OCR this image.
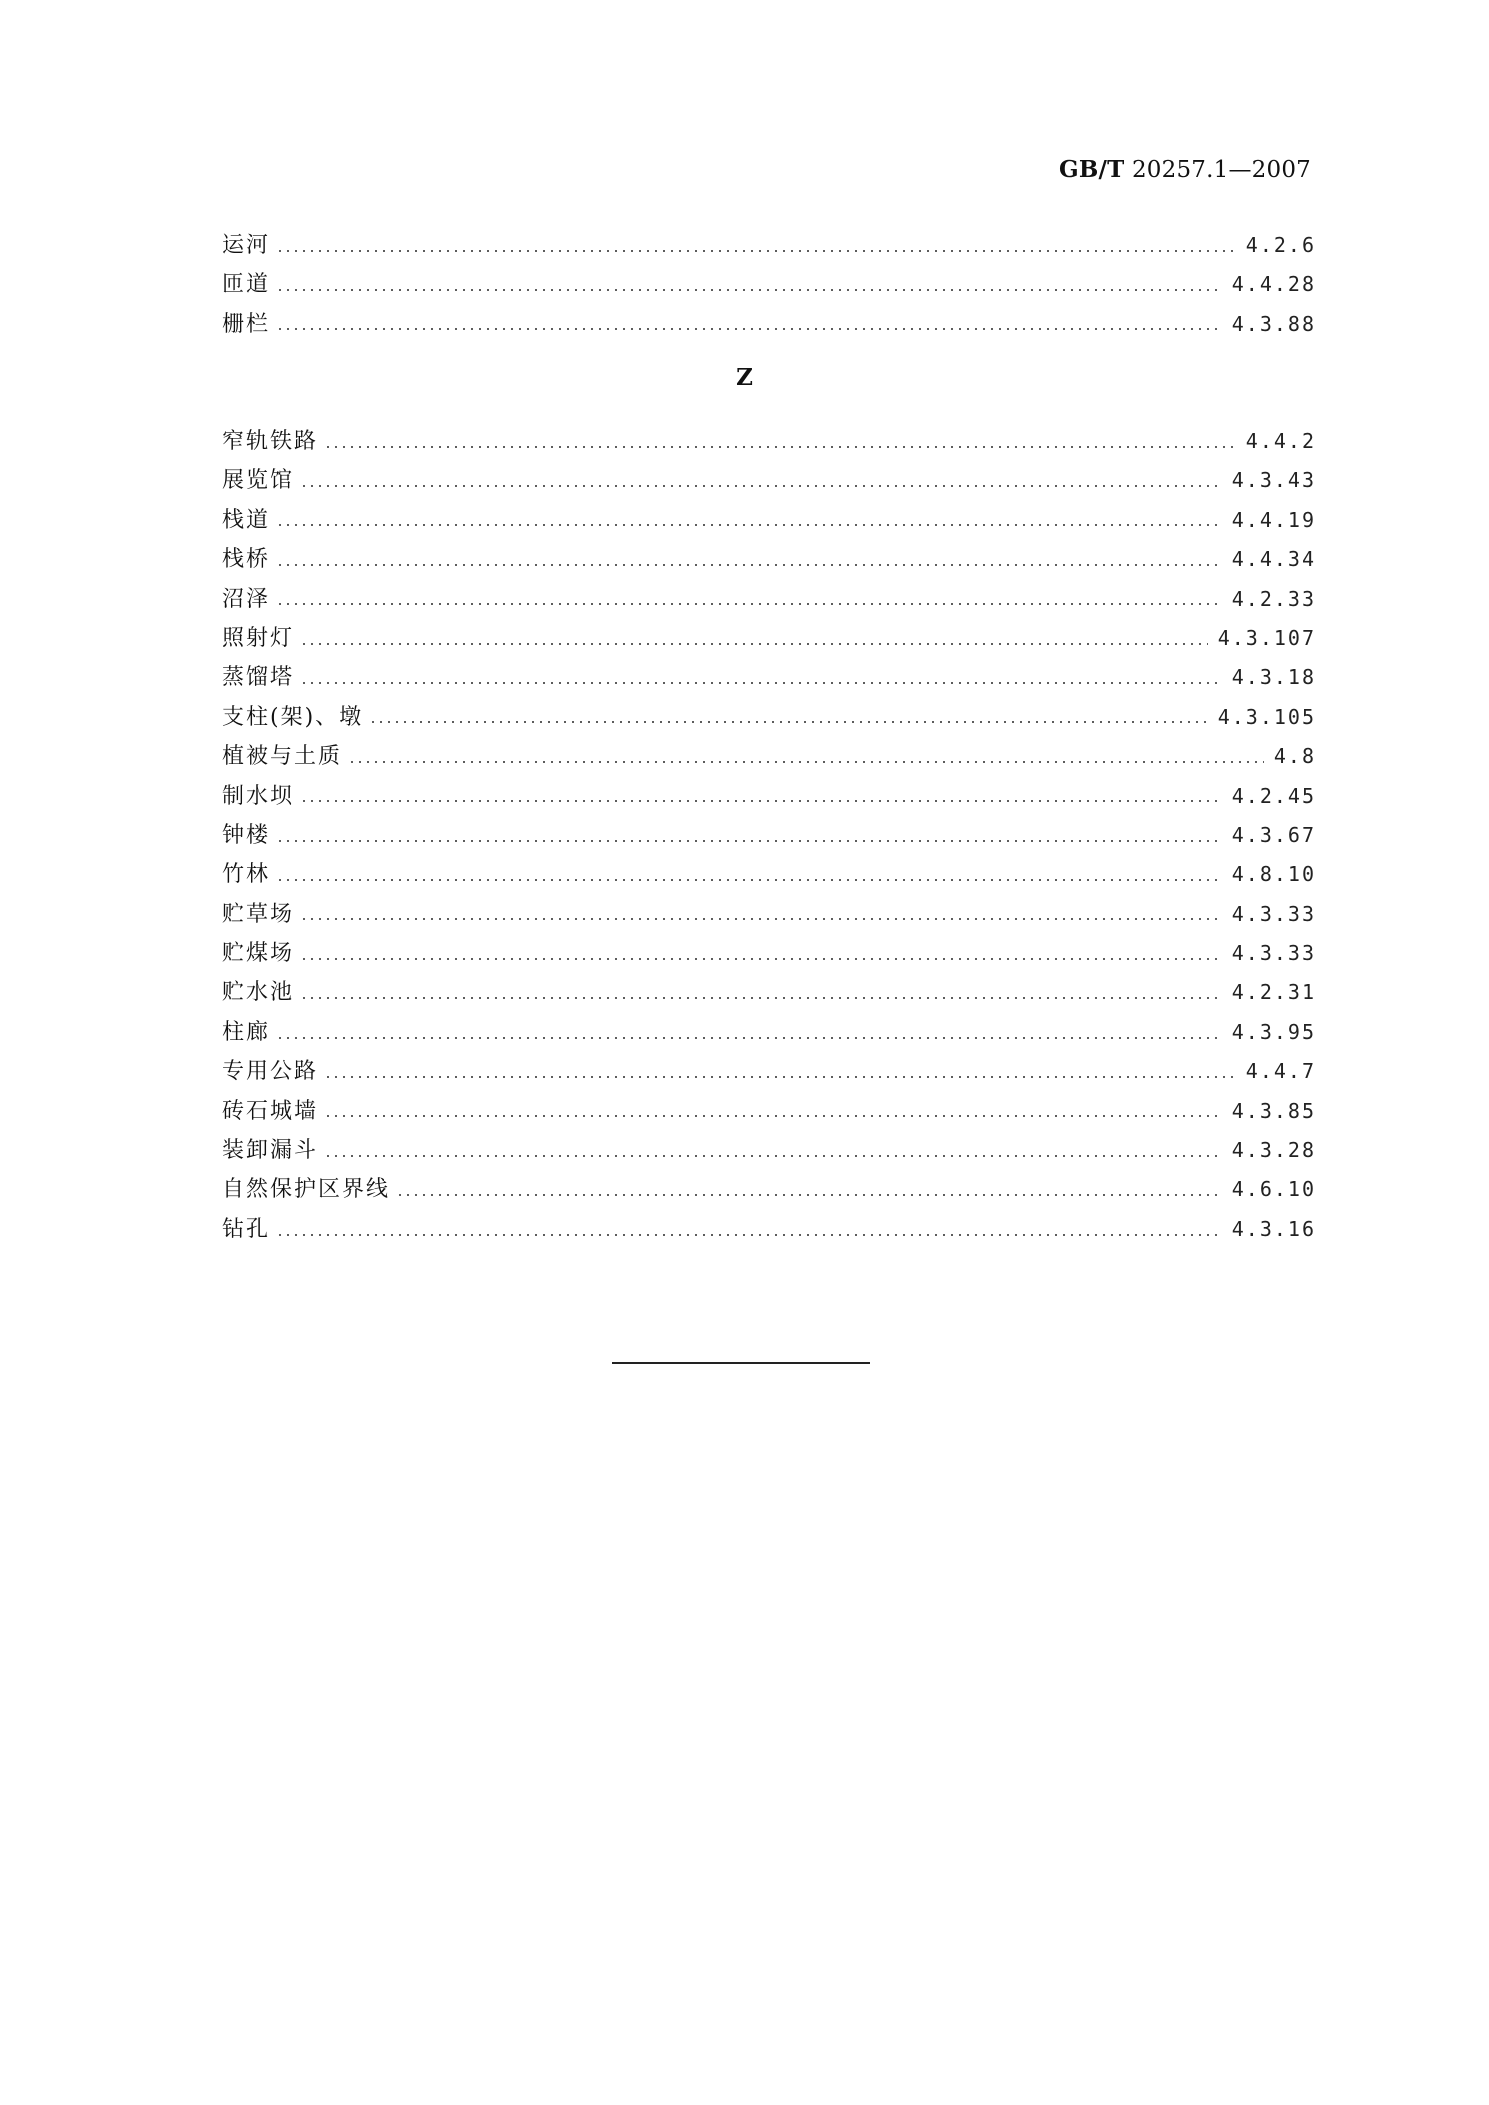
GB/T 20257.1—2007
运河	4.2.6
匝道	4.4.28
栅栏	4.3.88
Z
窄轨铁路	4.4.2
展览馆	4.3.43
栈道	4.4.19
栈桥	4.4.34
沼泽	4.2.33
照射灯	4.3.107
蒸馏塔	4.3.18
支柱(架)、墩	4.3.105
植被与土质	4.8
制水坝	4.2.45
钟楼	4.3.67
竹林	4.8.10
贮草场	4.3.33
贮煤场	4.3.33
贮水池	4.2.31
柱廊	4.3.95
专用公路	4.4.7
砖石城墙	4.3.85
装卸漏斗	4.3.28
自然保护区界线	4.6.10
钻孔	4.3.16
